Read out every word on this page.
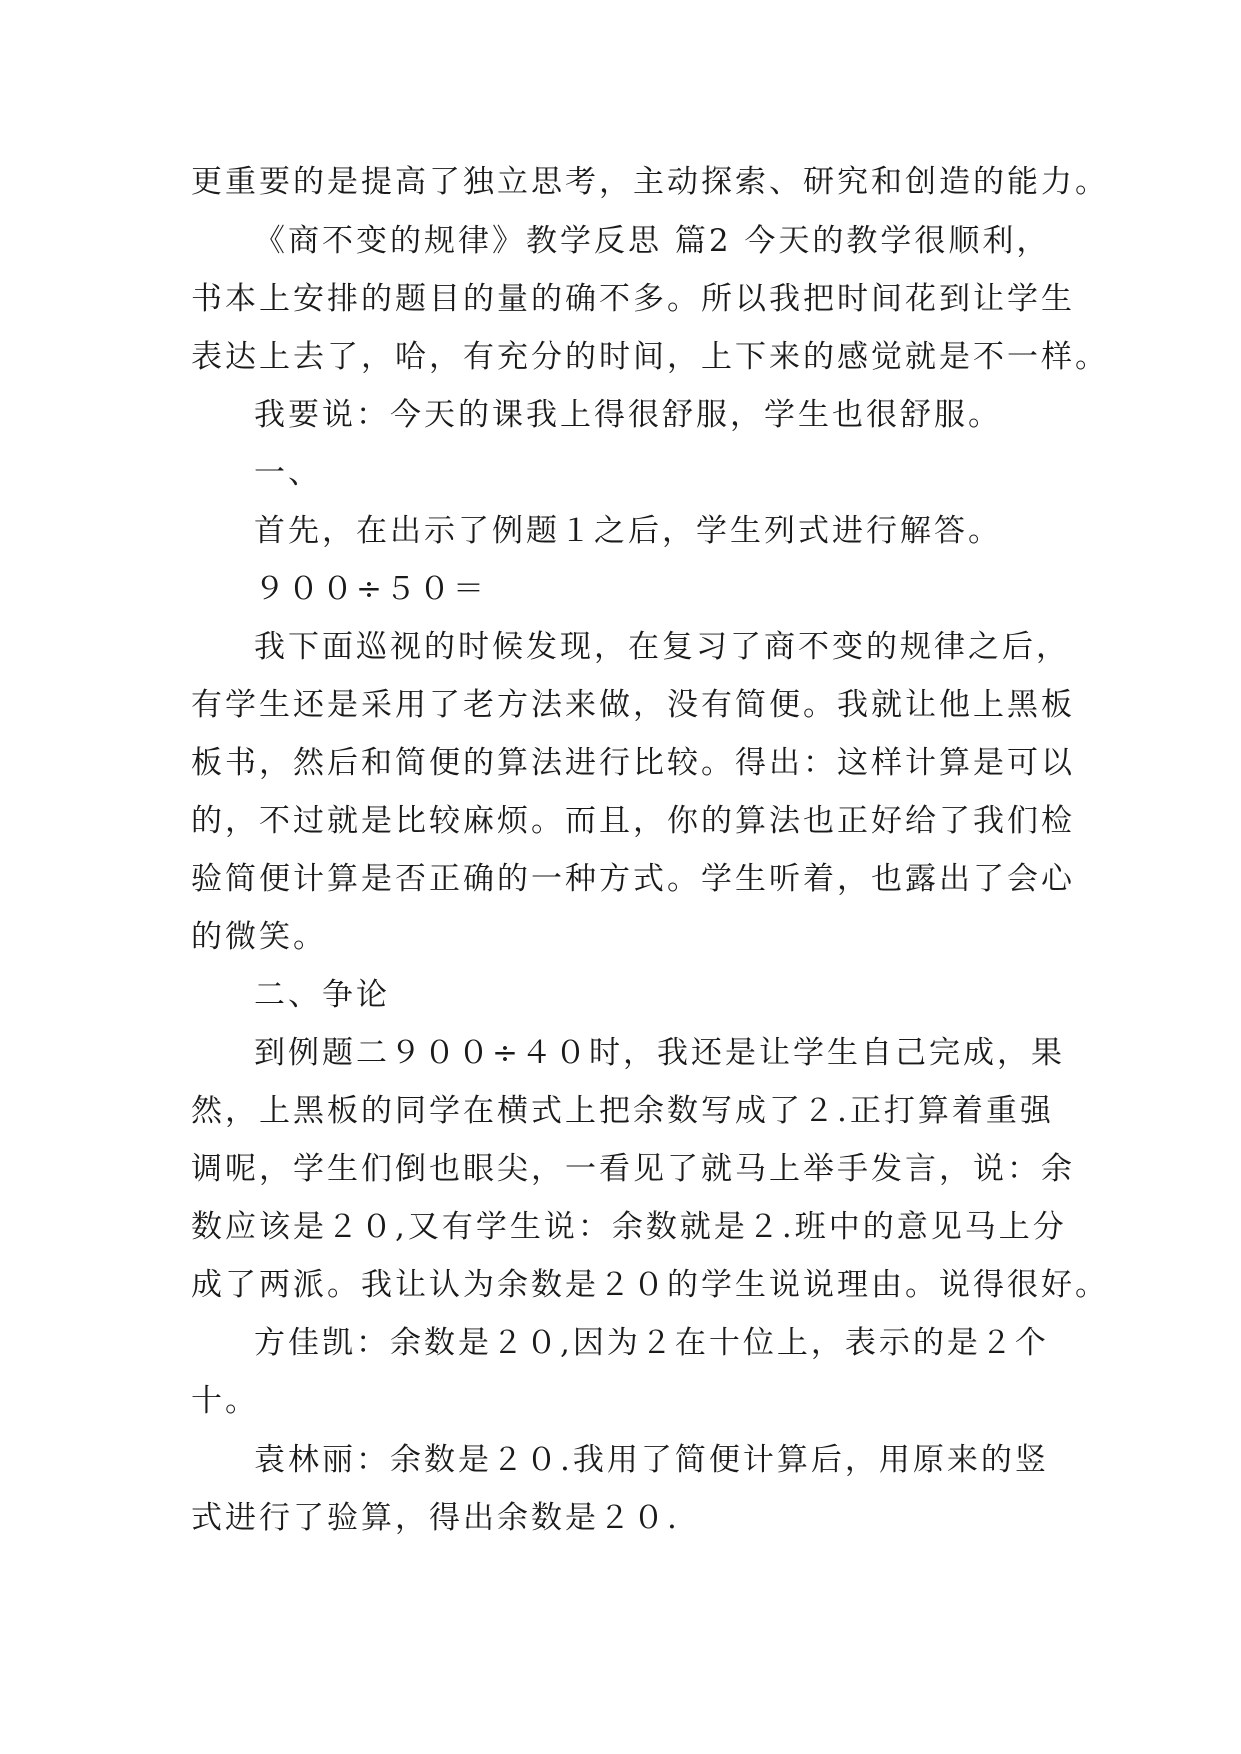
更重要的是提高了独立思考，主动探索、研究和创造的能力。
《商不变的规律》教学反思 篇2 今天的教学很顺利，
书本上安排的题目的量的确不多。所以我把时间花到让学生
表达上去了，哈，有充分的时间，上下来的感觉就是不一样。
我要说：今天的课我上得很舒服，学生也很舒服。
一、
首先，在出示了例题１之后，学生列式进行解答。
９００÷５０＝
我下面巡视的时候发现，在复习了商不变的规律之后，
有学生还是采用了老方法来做，没有简便。我就让他上黑板
板书，然后和简便的算法进行比较。得出：这样计算是可以
的，不过就是比较麻烦。而且，你的算法也正好给了我们检
验简便计算是否正确的一种方式。学生听着，也露出了会心
的微笑。
二、争论
到例题二９００÷４０时，我还是让学生自己完成，果
然，上黑板的同学在横式上把余数写成了２.正打算着重强
调呢，学生们倒也眼尖，一看见了就马上举手发言，说：余
数应该是２０,又有学生说：余数就是２.班中的意见马上分
成了两派。我让认为余数是２０的学生说说理由。说得很好。
方佳凯：余数是２０,因为２在十位上，表示的是２个
十。
袁林丽：余数是２０.我用了简便计算后，用原来的竖
式进行了验算，得出余数是２０.
